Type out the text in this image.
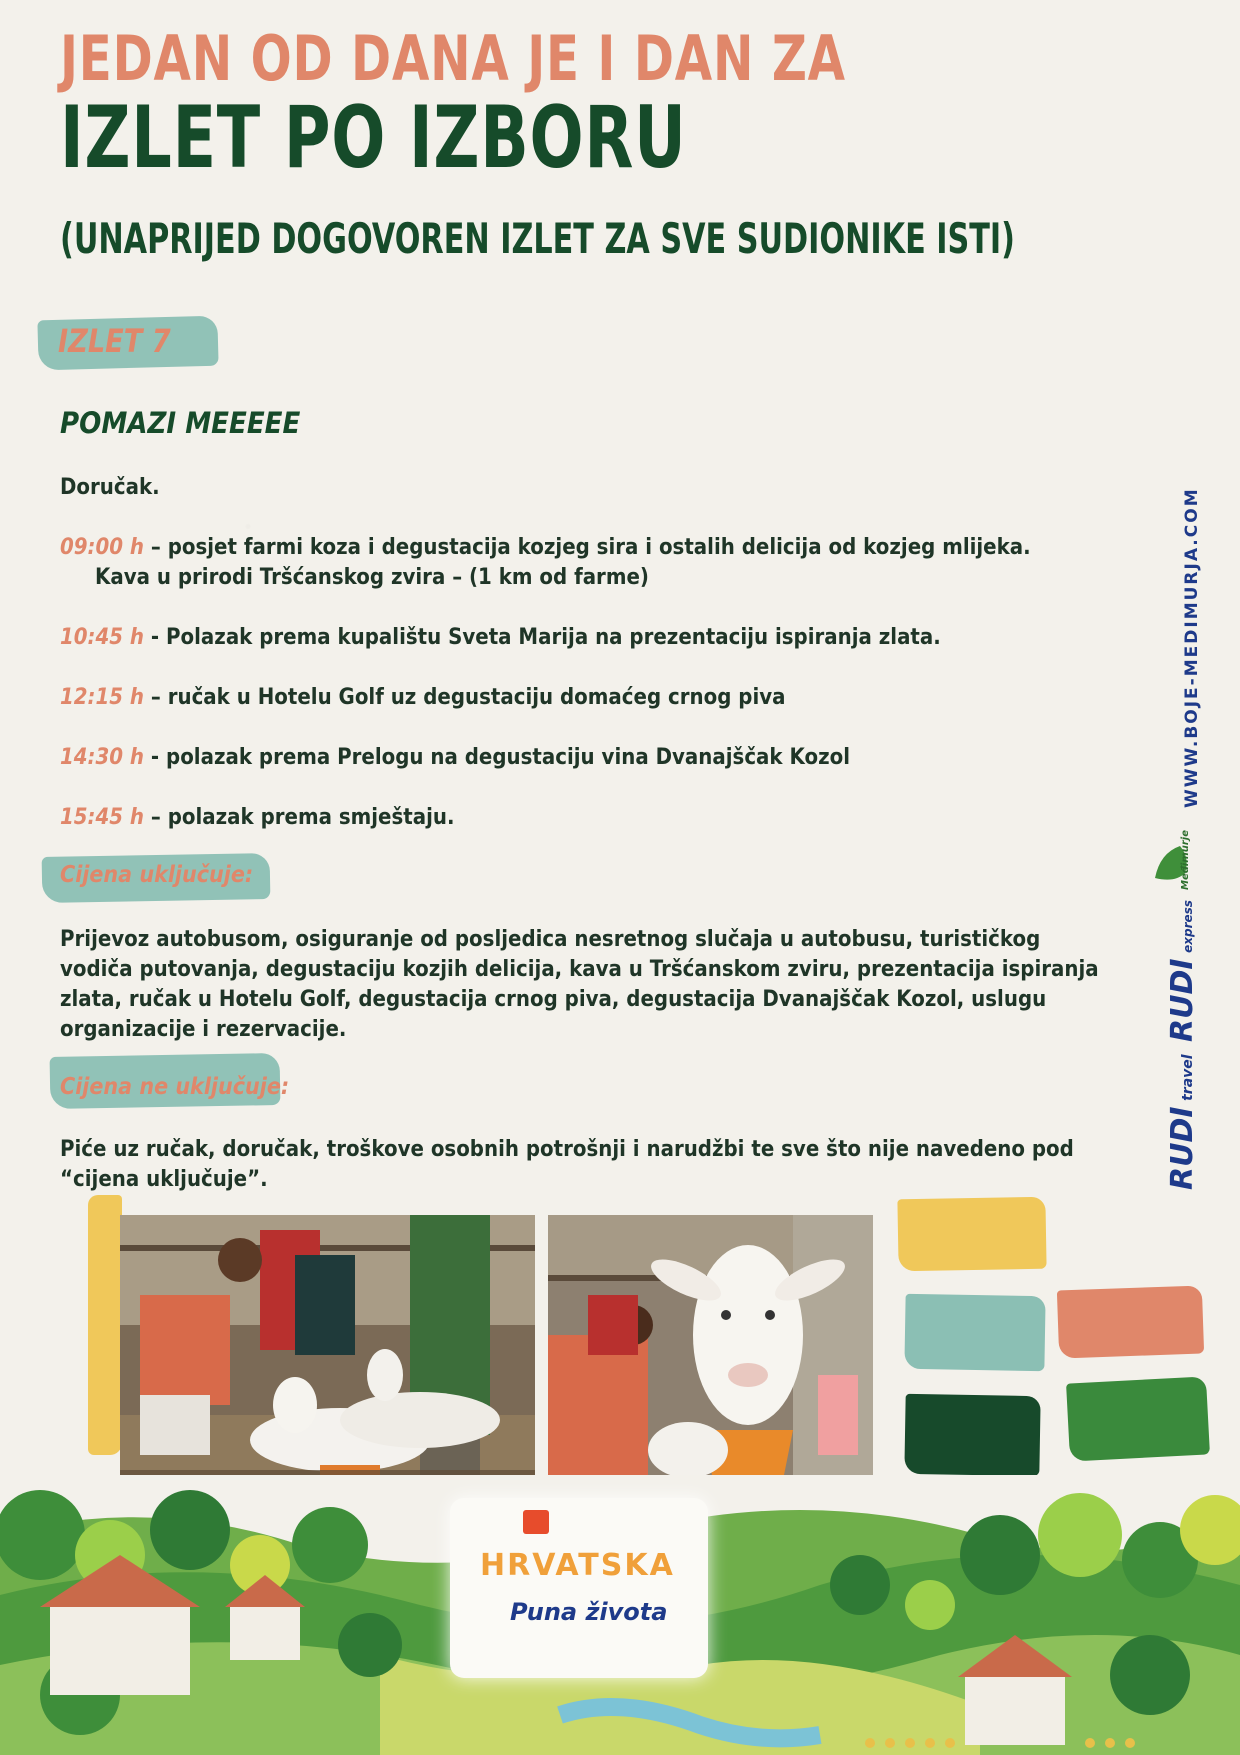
JEDAN OD DANA JE I DAN ZA
IZLET PO IZBORU
(UNAPRIJED DOGOVOREN IZLET ZA SVE SUDIONIKE ISTI)
IZLET 7
POMAZI MEEEEE
Doručak.
09:00 h – posjet farmi koza i degustacija kozjeg sira i ostalih delicija od kozjeg mlijeka.
Kava u prirodi Tršćanskog zvira – (1 km od farme)
10:45 h - Polazak prema kupalištu Sveta Marija na prezentaciju ispiranja zlata.
12:15 h – ručak u Hotelu Golf uz degustaciju domaćeg crnog piva
14:30 h - polazak prema Prelogu na degustaciju vina Dvanajščak Kozol
15:45 h – polazak prema smještaju.
Cijena uključuje:
Prijevoz autobusom, osiguranje od posljedica nesretnog slučaja u autobusu, turističkog vodiča putovanja, degustaciju kozjih delicija, kava u Tršćanskom zviru, prezentacija ispiranja zlata, ručak u Hotelu Golf, degustacija crnog piva, degustacija Dvanajščak Kozol, uslugu organizacije i rezervacije.
Cijena ne uključuje:
Piće uz ručak, doručak, troškove osobnih potrošnji i narudžbi te sve što nije navedeno pod “cijena uključuje”.
WWW.BOJE-MEDIMURJA.COM
Međimurje
RUDI express
RUDI travel
HRVATSKA
Puna života
